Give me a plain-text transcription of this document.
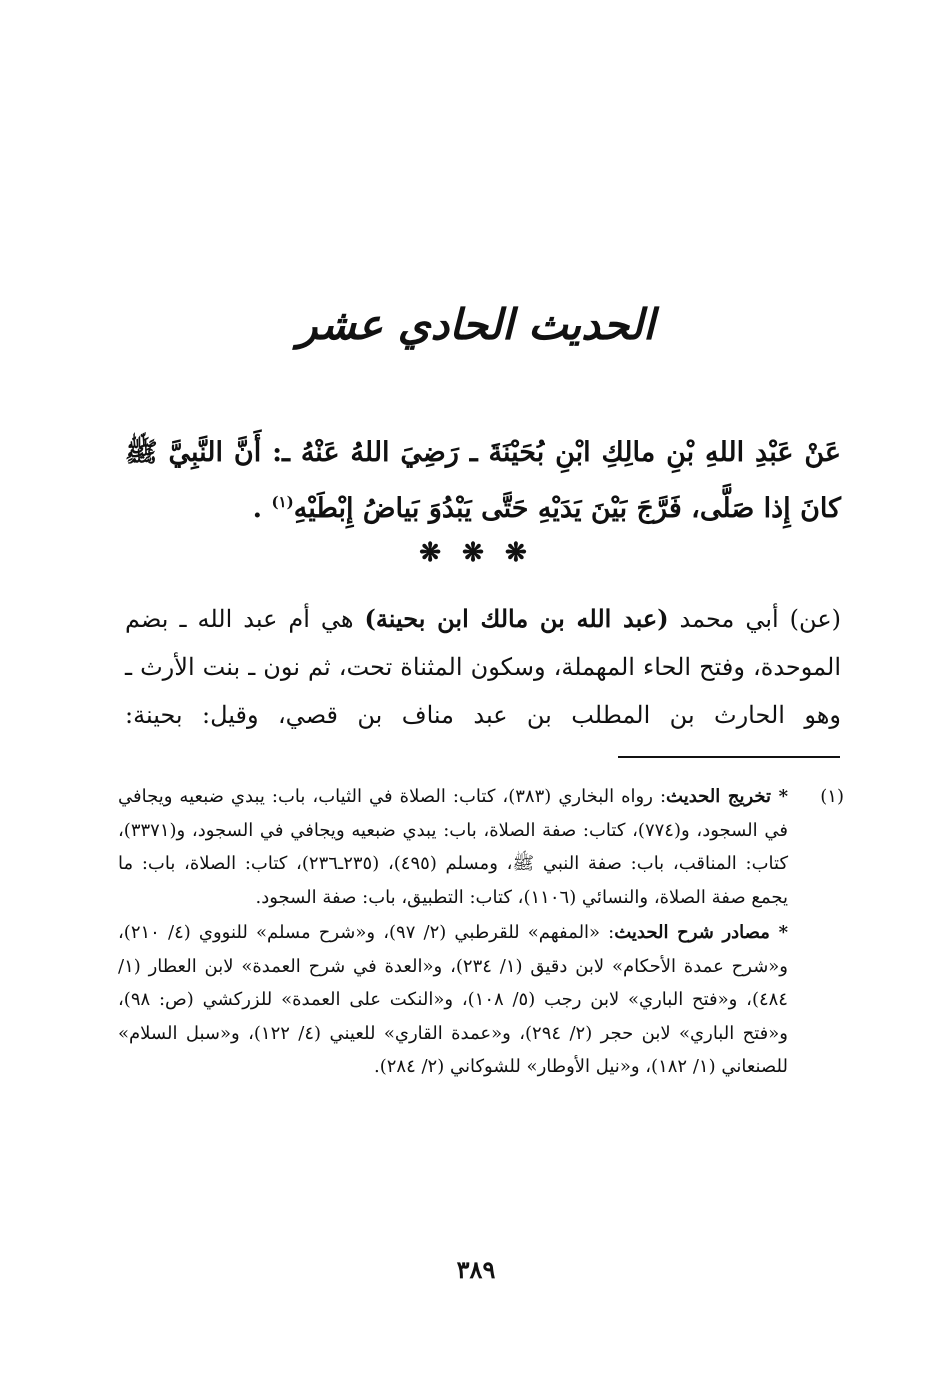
الحديث الحادي عشر
عَنْ عَبْدِ اللهِ بْنِ مالِكِ ابْنِ بُحَيْنَةَ ـ رَضِيَ اللهُ عَنْهُ ـ: أَنَّ النَّبِيَّ ﷺ كانَ إِذا صَلَّى، فَرَّجَ بَيْنَ يَدَيْهِ حَتَّى يَبْدُوَ بَياضُ إِبْطَيْهِ$^{(١)}$ .
❋ ❋ ❋
(عن) أبي محمد (عبد الله بن مالك ابن بحينة) هي أم عبد الله ـ بضم الموحدة، وفتح الحاء المهملة، وسكون المثناة تحت، ثم نون ـ بنت الأرث ـ وهو الحارث بن المطلب بن عبد مناف بن قصي، وقيل: بحينة:
(١)
* تخريج الحديث: رواه البخاري (٣٨٣)، كتاب: الصلاة في الثياب، باب: يبدي ضبعيه ويجافي في السجود، و(٧٧٤)، كتاب: صفة الصلاة، باب: يبدي ضبعيه ويجافي في السجود، و(٣٣٧١)، كتاب: المناقب، باب: صفة النبي ﷺ، ومسلم (٤٩٥)، (٢٣٥ـ٢٣٦)، كتاب: الصلاة، باب: ما يجمع صفة الصلاة، والنسائي (١١٠٦)، كتاب: التطبيق، باب: صفة السجود.
* مصادر شرح الحديث: «المفهم» للقرطبي (٢/ ٩٧)، و«شرح مسلم» للنووي (٤/ ٢١٠)، و«شرح عمدة الأحكام» لابن دقيق (١/ ٢٣٤)، و«العدة في شرح العمدة» لابن العطار (١/ ٤٨٤)، و«فتح الباري» لابن رجب (٥/ ١٠٨)، و«النكت على العمدة» للزركشي (ص: ٩٨)، و«فتح الباري» لابن حجر (٢/ ٢٩٤)، و«عمدة القاري» للعيني (٤/ ١٢٢)، و«سبل السلام» للصنعاني (١/ ١٨٢)، و«نيل الأوطار» للشوكاني (٢/ ٢٨٤).
٣٨٩
